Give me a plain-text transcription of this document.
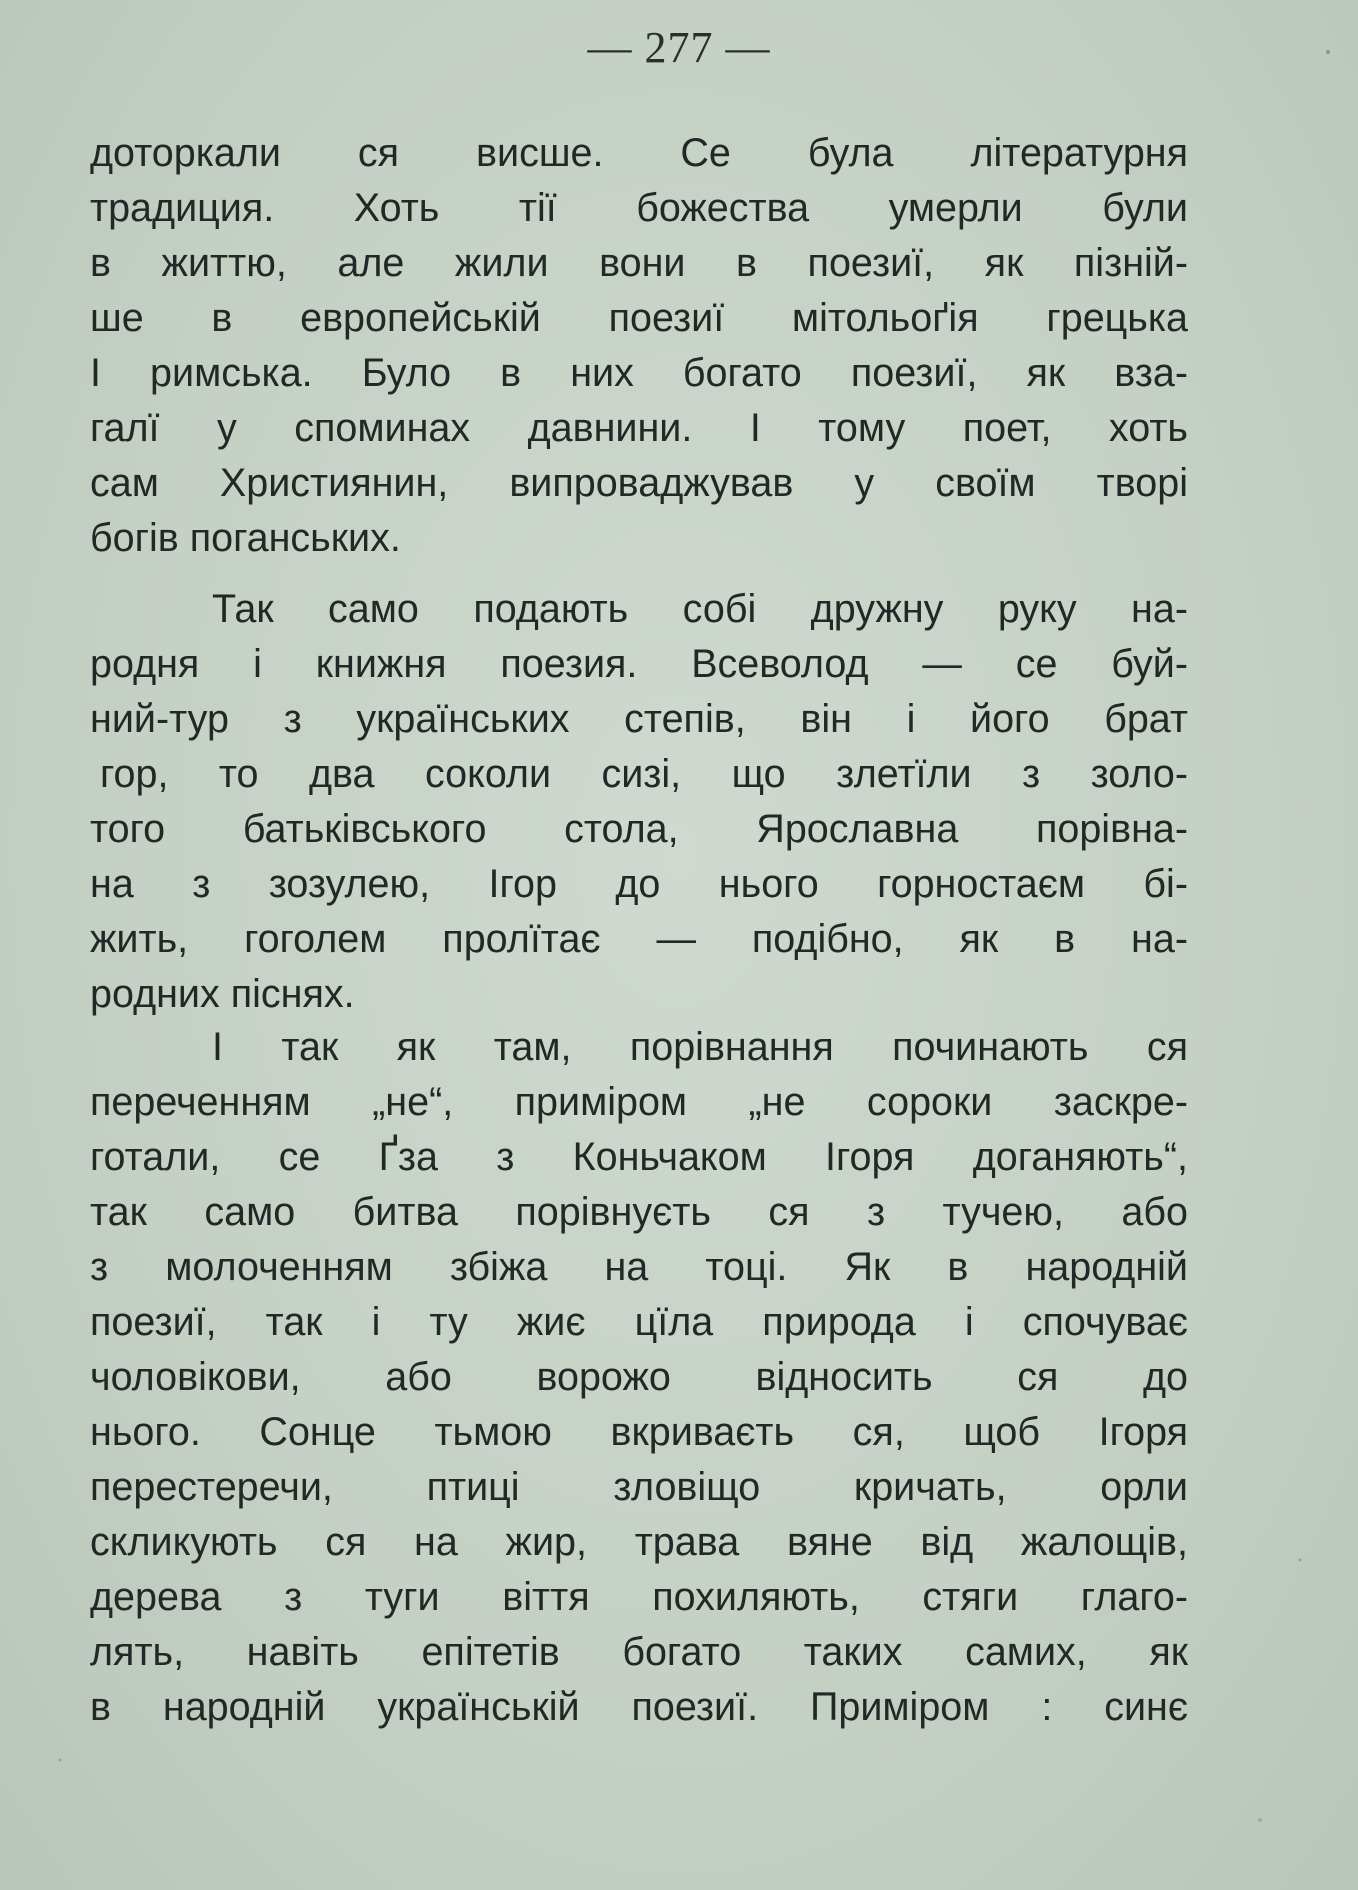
— 277 —
доторкали ся висше. Се була літературня
традиция. Хоть тії божества умерли були
в життю, але жили вони в поезиї, як пізній-
ше в европейській поезиї мітольоґія грецька
І римська. Було в них богато поезиї, як вза-
галї у споминах давнини. І тому поет, хоть
сам Християнин, випроваджував у своїм творі
богів поганських.
Так само подають собі дружну руку на-
родня і книжня поезия. Всеволод — се буй-
ний-тур з українських степів, він і його брат
гор, то два соколи сизі, що злетїли з золо-
того батьківського стола, Ярославна порівна-
на з зозулею, Ігор до нього горностаєм бі-
жить, гоголем пролїтає — подібно, як в на-
родних піснях.
І так як там, порівнання починають ся
переченням „не“, приміром „не сороки заскре-
готали, се Ґза з Коньчаком Ігоря доганяють“,
так само битва порівнуєть ся з тучею, або
з молоченням збіжа на тоці. Як в народній
поезиї, так і ту жиє цїла природа і спочуває
чоловікови, або ворожо відносить ся до
нього. Сонце тьмою вкриваєть ся, щоб Ігоря
перестеречи, птиці зловіщо кричать, орли
скликують ся на жир, трава вяне від жалощів,
дерева з туги віття похиляють, стяги глаго-
лять, навіть епітетів богато таких самих, як
в народній українській поезиї. Приміром : синє
